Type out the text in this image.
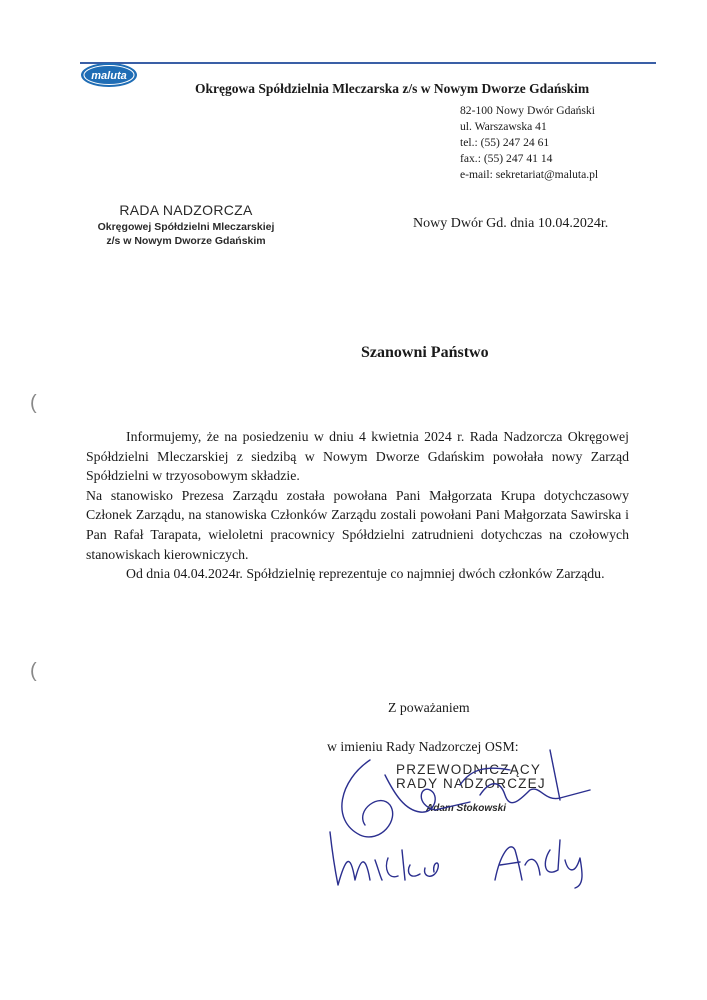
maluta
Okręgowa Spółdzielnia Mleczarska z/s w Nowym Dworze Gdańskim
82-100 Nowy Dwór Gdański
ul. Warszawska 41
tel.: (55) 247 24 61
fax.: (55) 247 41 14
e-mail: sekretariat@maluta.pl
RADA NADZORCZA
Okręgowej Spółdzielni Mleczarskiej
z/s w Nowym Dworze Gdańskim
Nowy Dwór Gd. dnia 10.04.2024r.
Szanowni Państwo
(
(

Informujemy, że na posiedzeniu w dniu 4 kwietnia 2024 r. Rada Nadzorcza Okręgowej Spółdzielni Mleczarskiej z siedzibą w Nowym Dworze Gdańskim powołała nowy Zarząd Spółdzielni w trzyosobowym składzie.

Na stanowisko Prezesa Zarządu została powołana Pani Małgorzata Krupa dotychczasowy Członek Zarządu, na stanowiska Członków Zarządu zostali powołani Pani Małgorzata Sawirska i Pan Rafał Tarapata, wieloletni pracownicy Spółdzielni zatrudnieni dotychczas na czołowych stanowiskach kierowniczych.

Od dnia 04.04.2024r. Spółdzielnię reprezentuje co najmniej dwóch członków Zarządu.

Z poważaniem
w imieniu Rady Nadzorczej OSM:
PRZEWODNICZĄCY
RADY NADZORCZEJ
Adam Stokowski
